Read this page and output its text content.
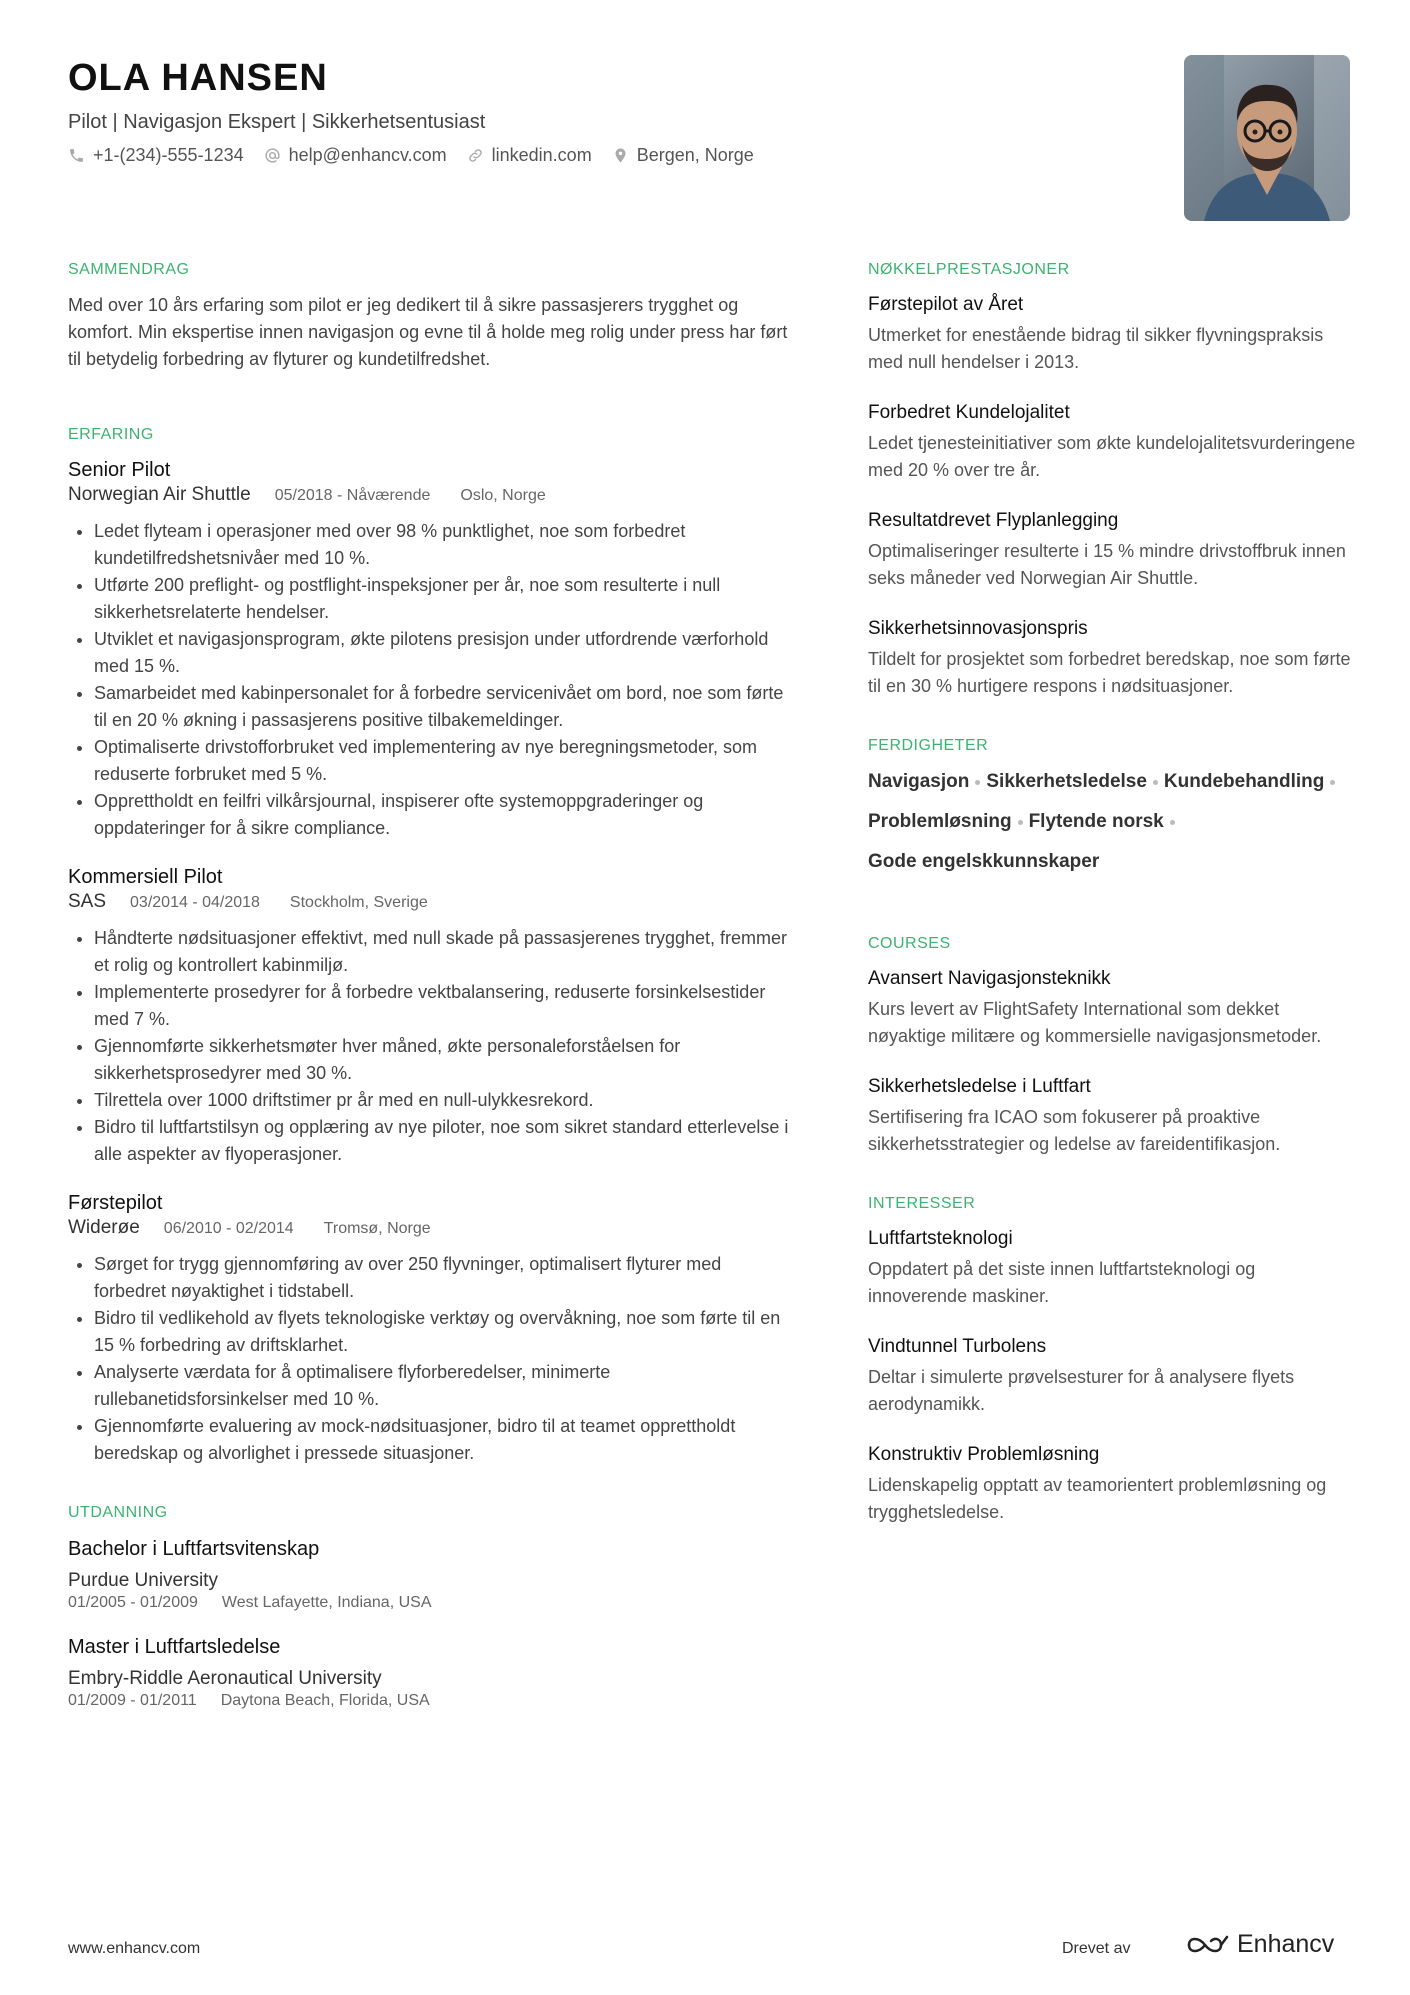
OLA HANSEN
Pilot | Navigasjon Ekspert | Sikkerhetsentusiast
+1-(234)-555-1234	help@enhancv.com	linkedin.com	Bergen, Norge
SAMMENDRAG
Med over 10 års erfaring som pilot er jeg dedikert til å sikre passasjerers trygghet og komfort. Min ekspertise innen navigasjon og evne til å holde meg rolig under press har ført til betydelig forbedring av flyturer og kundetilfredshet.
ERFARING
Senior Pilot
Norwegian Air Shuttle 05/2018 - Nåværende Oslo, Norge
• Ledet flyteam i operasjoner med over 98 % punktlighet, noe som forbedret kundetilfredshetsnivåer med 10 %.
• Utførte 200 preflight- og postflight-inspeksjoner per år, noe som resulterte i null sikkerhetsrelaterte hendelser.
• Utviklet et navigasjonsprogram, økte pilotens presisjon under utfordrende værforhold med 15 %.
• Samarbeidet med kabinpersonalet for å forbedre servicenivået om bord, noe som førte til en 20 % økning i passasjerens positive tilbakemeldinger.
• Optimaliserte drivstofforbruket ved implementering av nye beregningsmetoder, som reduserte forbruket med 5 %.
• Opprettholdt en feilfri vilkårsjournal, inspiserer ofte systemoppgraderinger og oppdateringer for å sikre compliance.
Kommersiell Pilot
SAS 03/2014 - 04/2018 Stockholm, Sverige
• Håndterte nødsituasjoner effektivt, med null skade på passasjerenes trygghet, fremmer et rolig og kontrollert kabinmiljø.
• Implementerte prosedyrer for å forbedre vektbalansering, reduserte forsinkelsestider med 7 %.
• Gjennomførte sikkerhetsmøter hver måned, økte personaleforståelsen for sikkerhetsprosedyrer med 30 %.
• Tilrettela over 1000 driftstimer pr år med en null-ulykkesrekord.
• Bidro til luftfartstilsyn og opplæring av nye piloter, noe som sikret standard etterlevelse i alle aspekter av flyoperasjoner.
Førstepilot
Widerøe 06/2010 - 02/2014 Tromsø, Norge
• Sørget for trygg gjennomføring av over 250 flyvninger, optimalisert flyturer med forbedret nøyaktighet i tidstabell.
• Bidro til vedlikehold av flyets teknologiske verktøy og overvåkning, noe som førte til en 15 % forbedring av driftsklarhet.
• Analyserte værdata for å optimalisere flyforberedelser, minimerte rullebanetidsforsinkelser med 10 %.
• Gjennomførte evaluering av mock-nødsituasjoner, bidro til at teamet opprettholdt beredskap og alvorlighet i pressede situasjoner.
UTDANNING
Bachelor i Luftfartsvitenskap
Purdue University
01/2005 - 01/2009 West Lafayette, Indiana, USA
Master i Luftfartsledelse
Embry-Riddle Aeronautical University
01/2009 - 01/2011 Daytona Beach, Florida, USA
NØKKELPRESTASJONER
Førstepilot av Året
Utmerket for enestående bidrag til sikker flyvningspraksis med null hendelser i 2013.
Forbedret Kundelojalitet
Ledet tjenesteinitiativer som økte kundelojalitetsvurderingene med 20 % over tre år.
Resultatdrevet Flyplanlegging
Optimaliseringer resulterte i 15 % mindre drivstoffbruk innen seks måneder ved Norwegian Air Shuttle.
Sikkerhetsinnovasjonspris
Tildelt for prosjektet som forbedret beredskap, noe som førte til en 30 % hurtigere respons i nødsituasjoner.
FERDIGHETER
Navigasjon Sikkerhetsledelse Kundebehandling
Problemløsning Flytende norsk
Gode engelskkunnskaper
COURSES
Avansert Navigasjonsteknikk
Kurs levert av FlightSafety International som dekket nøyaktige militære og kommersielle navigasjonsmetoder.
Sikkerhetsledelse i Luftfart
Sertifisering fra ICAO som fokuserer på proaktive sikkerhetsstrategier og ledelse av fareidentifikasjon.
INTERESSER
Luftfartsteknologi
Oppdatert på det siste innen luftfartsteknologi og innoverende maskiner.
Vindtunnel Turbolens
Deltar i simulerte prøvelsesturer for å analysere flyets aerodynamikk.
Konstruktiv Problemløsning
Lidenskapelig opptatt av teamorientert problemløsning og trygghetsledelse.
www.enhancv.com	Drevet av	Enhancv
